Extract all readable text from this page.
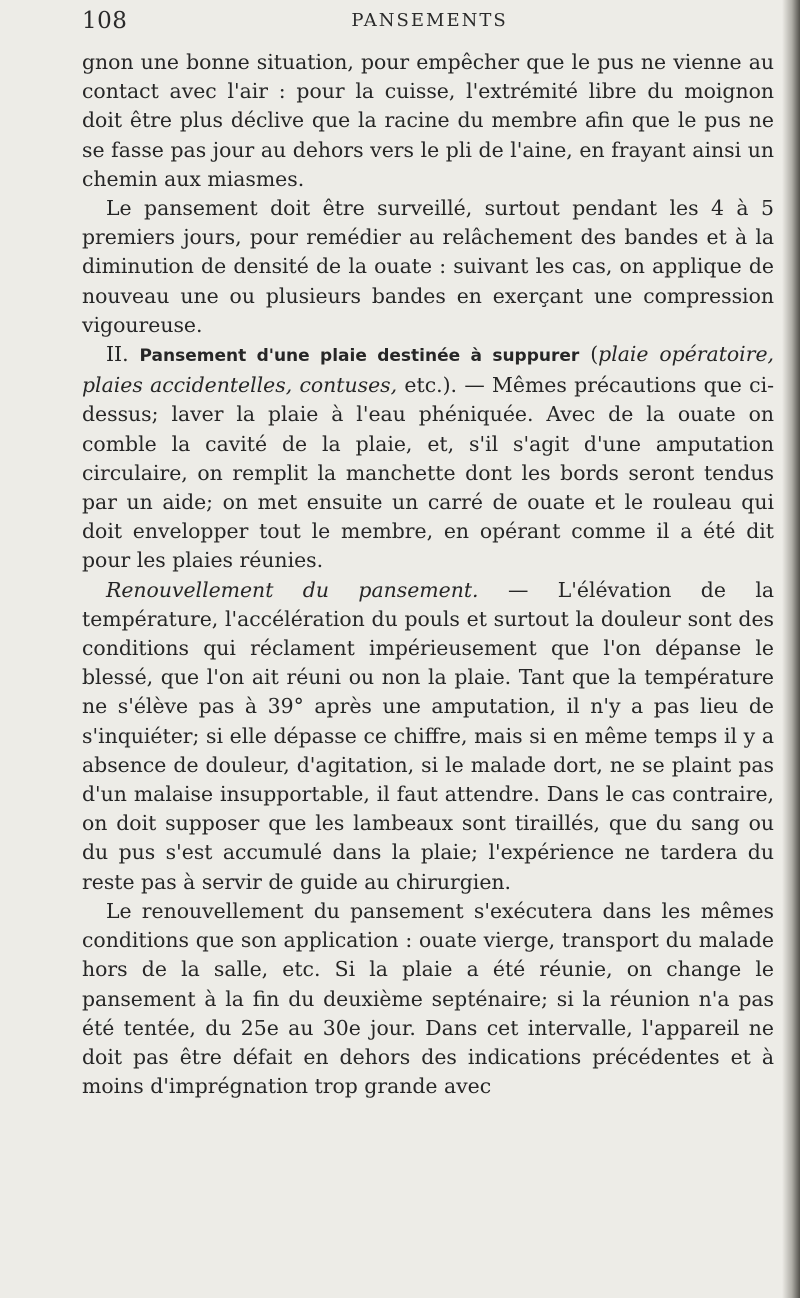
108	PANSEMENTS

gnon une bonne situation, pour empêcher que le pus ne vienne au contact avec l'air : pour la cuisse, l'extrémité libre du moignon doit être plus déclive que la racine du membre afin que le pus ne se fasse pas jour au dehors vers le pli de l'aine, en frayant ainsi un chemin aux miasmes.

Le pansement doit être surveillé, surtout pendant les 4 à 5 premiers jours, pour remédier au relâchement des bandes et à la diminution de densité de la ouate : suivant les cas, on applique de nouveau une ou plusieurs bandes en exerçant une compression vigoureuse.

II. Pansement d'une plaie destinée à suppurer (plaie opératoire, plaies accidentelles, contuses, etc.). — Mêmes précautions que ci-dessus; laver la plaie à l'eau phéniquée. Avec de la ouate on comble la cavité de la plaie, et, s'il s'agit d'une amputation circulaire, on remplit la manchette dont les bords seront tendus par un aide; on met ensuite un carré de ouate et le rouleau qui doit envelopper tout le membre, en opérant comme il a été dit pour les plaies réunies.

Renouvellement du pansement. — L'élévation de la température, l'accélération du pouls et surtout la douleur sont des conditions qui réclament impérieusement que l'on dépanse le blessé, que l'on ait réuni ou non la plaie. Tant que la température ne s'élève pas à 39° après une amputation, il n'y a pas lieu de s'inquiéter; si elle dépasse ce chiffre, mais si en même temps il y a absence de douleur, d'agitation, si le malade dort, ne se plaint pas d'un malaise insupportable, il faut attendre. Dans le cas contraire, on doit supposer que les lambeaux sont tiraillés, que du sang ou du pus s'est accumulé dans la plaie; l'expérience ne tardera du reste pas à servir de guide au chirurgien.

Le renouvellement du pansement s'exécutera dans les mêmes conditions que son application : ouate vierge, transport du malade hors de la salle, etc. Si la plaie a été réunie, on change le pansement à la fin du deuxième septénaire; si la réunion n'a pas été tentée, du 25e au 30e jour. Dans cet intervalle, l'appareil ne doit pas être défait en dehors des indications précédentes et à moins d'imprégnation trop grande avec
